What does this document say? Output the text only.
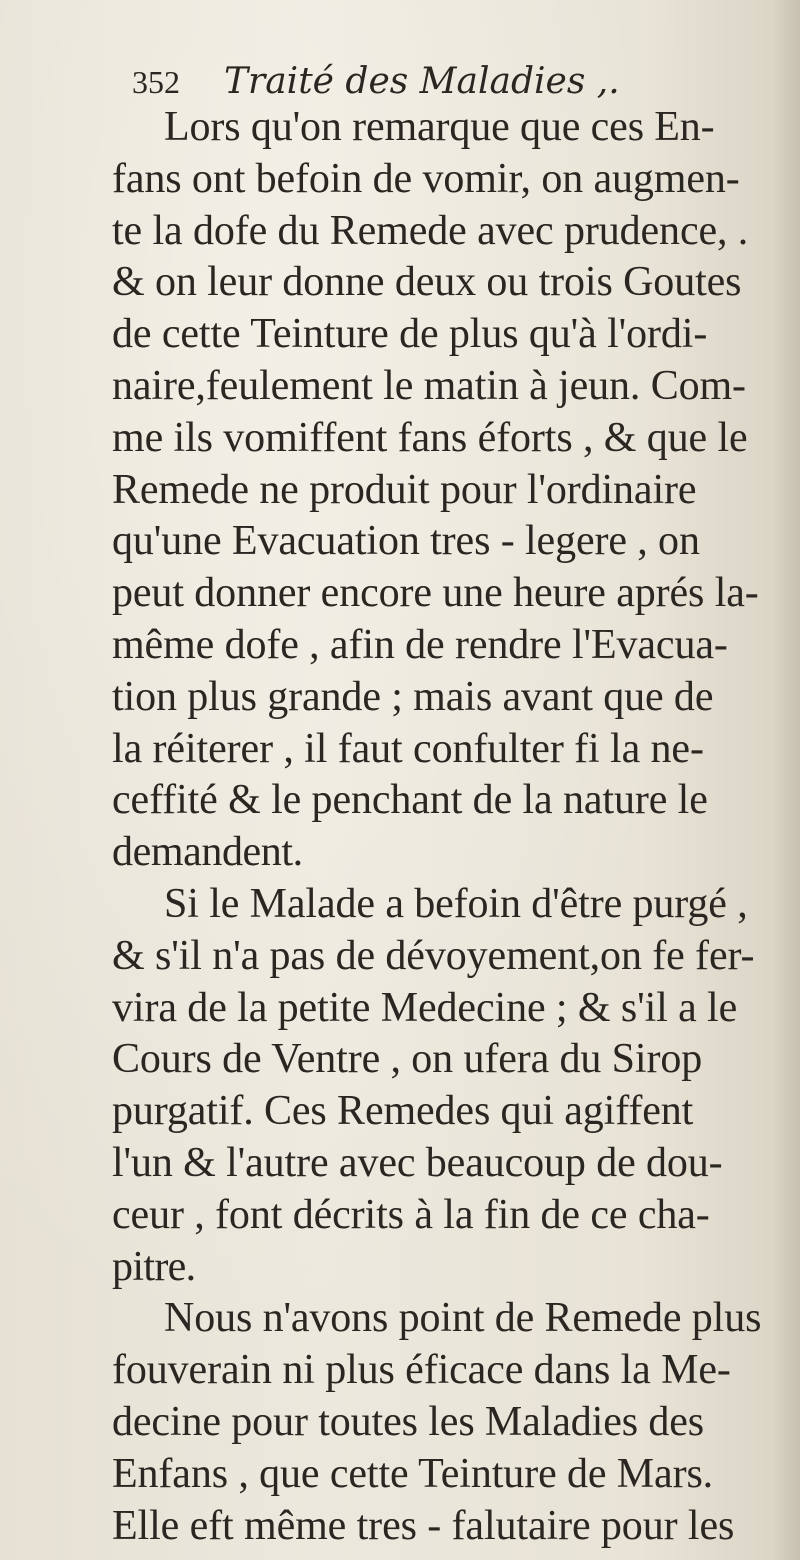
352 Traité des Maladies ,.
Lors qu'on remarque que ces En-
fans ont befoin de vomir, on augmen-
te la dofe du Remede avec prudence, .
& on leur donne deux ou trois Goutes
de cette Teinture de plus qu'à l'ordi-
naire,feulement le matin à jeun. Com-
me ils vomiffent fans éforts , & que le
Remede ne produit pour l'ordinaire
qu'une Evacuation tres - legere , on
peut donner encore une heure aprés la-
même dofe , afin de rendre l'Evacua-
tion plus grande ; mais avant que de
la réiterer , il faut confulter fi la ne-
ceffité & le penchant de la nature le
demandent.
Si le Malade a befoin d'être purgé ,
& s'il n'a pas de dévoyement,on fe fer-
vira de la petite Medecine ; & s'il a le
Cours de Ventre , on ufera du Sirop
purgatif. Ces Remedes qui agiffent
l'un & l'autre avec beaucoup de dou-
ceur , font décrits à la fin de ce cha-
pitre.
Nous n'avons point de Remede plus
fouverain ni plus éficace dans la Me-
decine pour toutes les Maladies des
Enfans , que cette Teinture de Mars.
Elle eft même tres - falutaire pour les
